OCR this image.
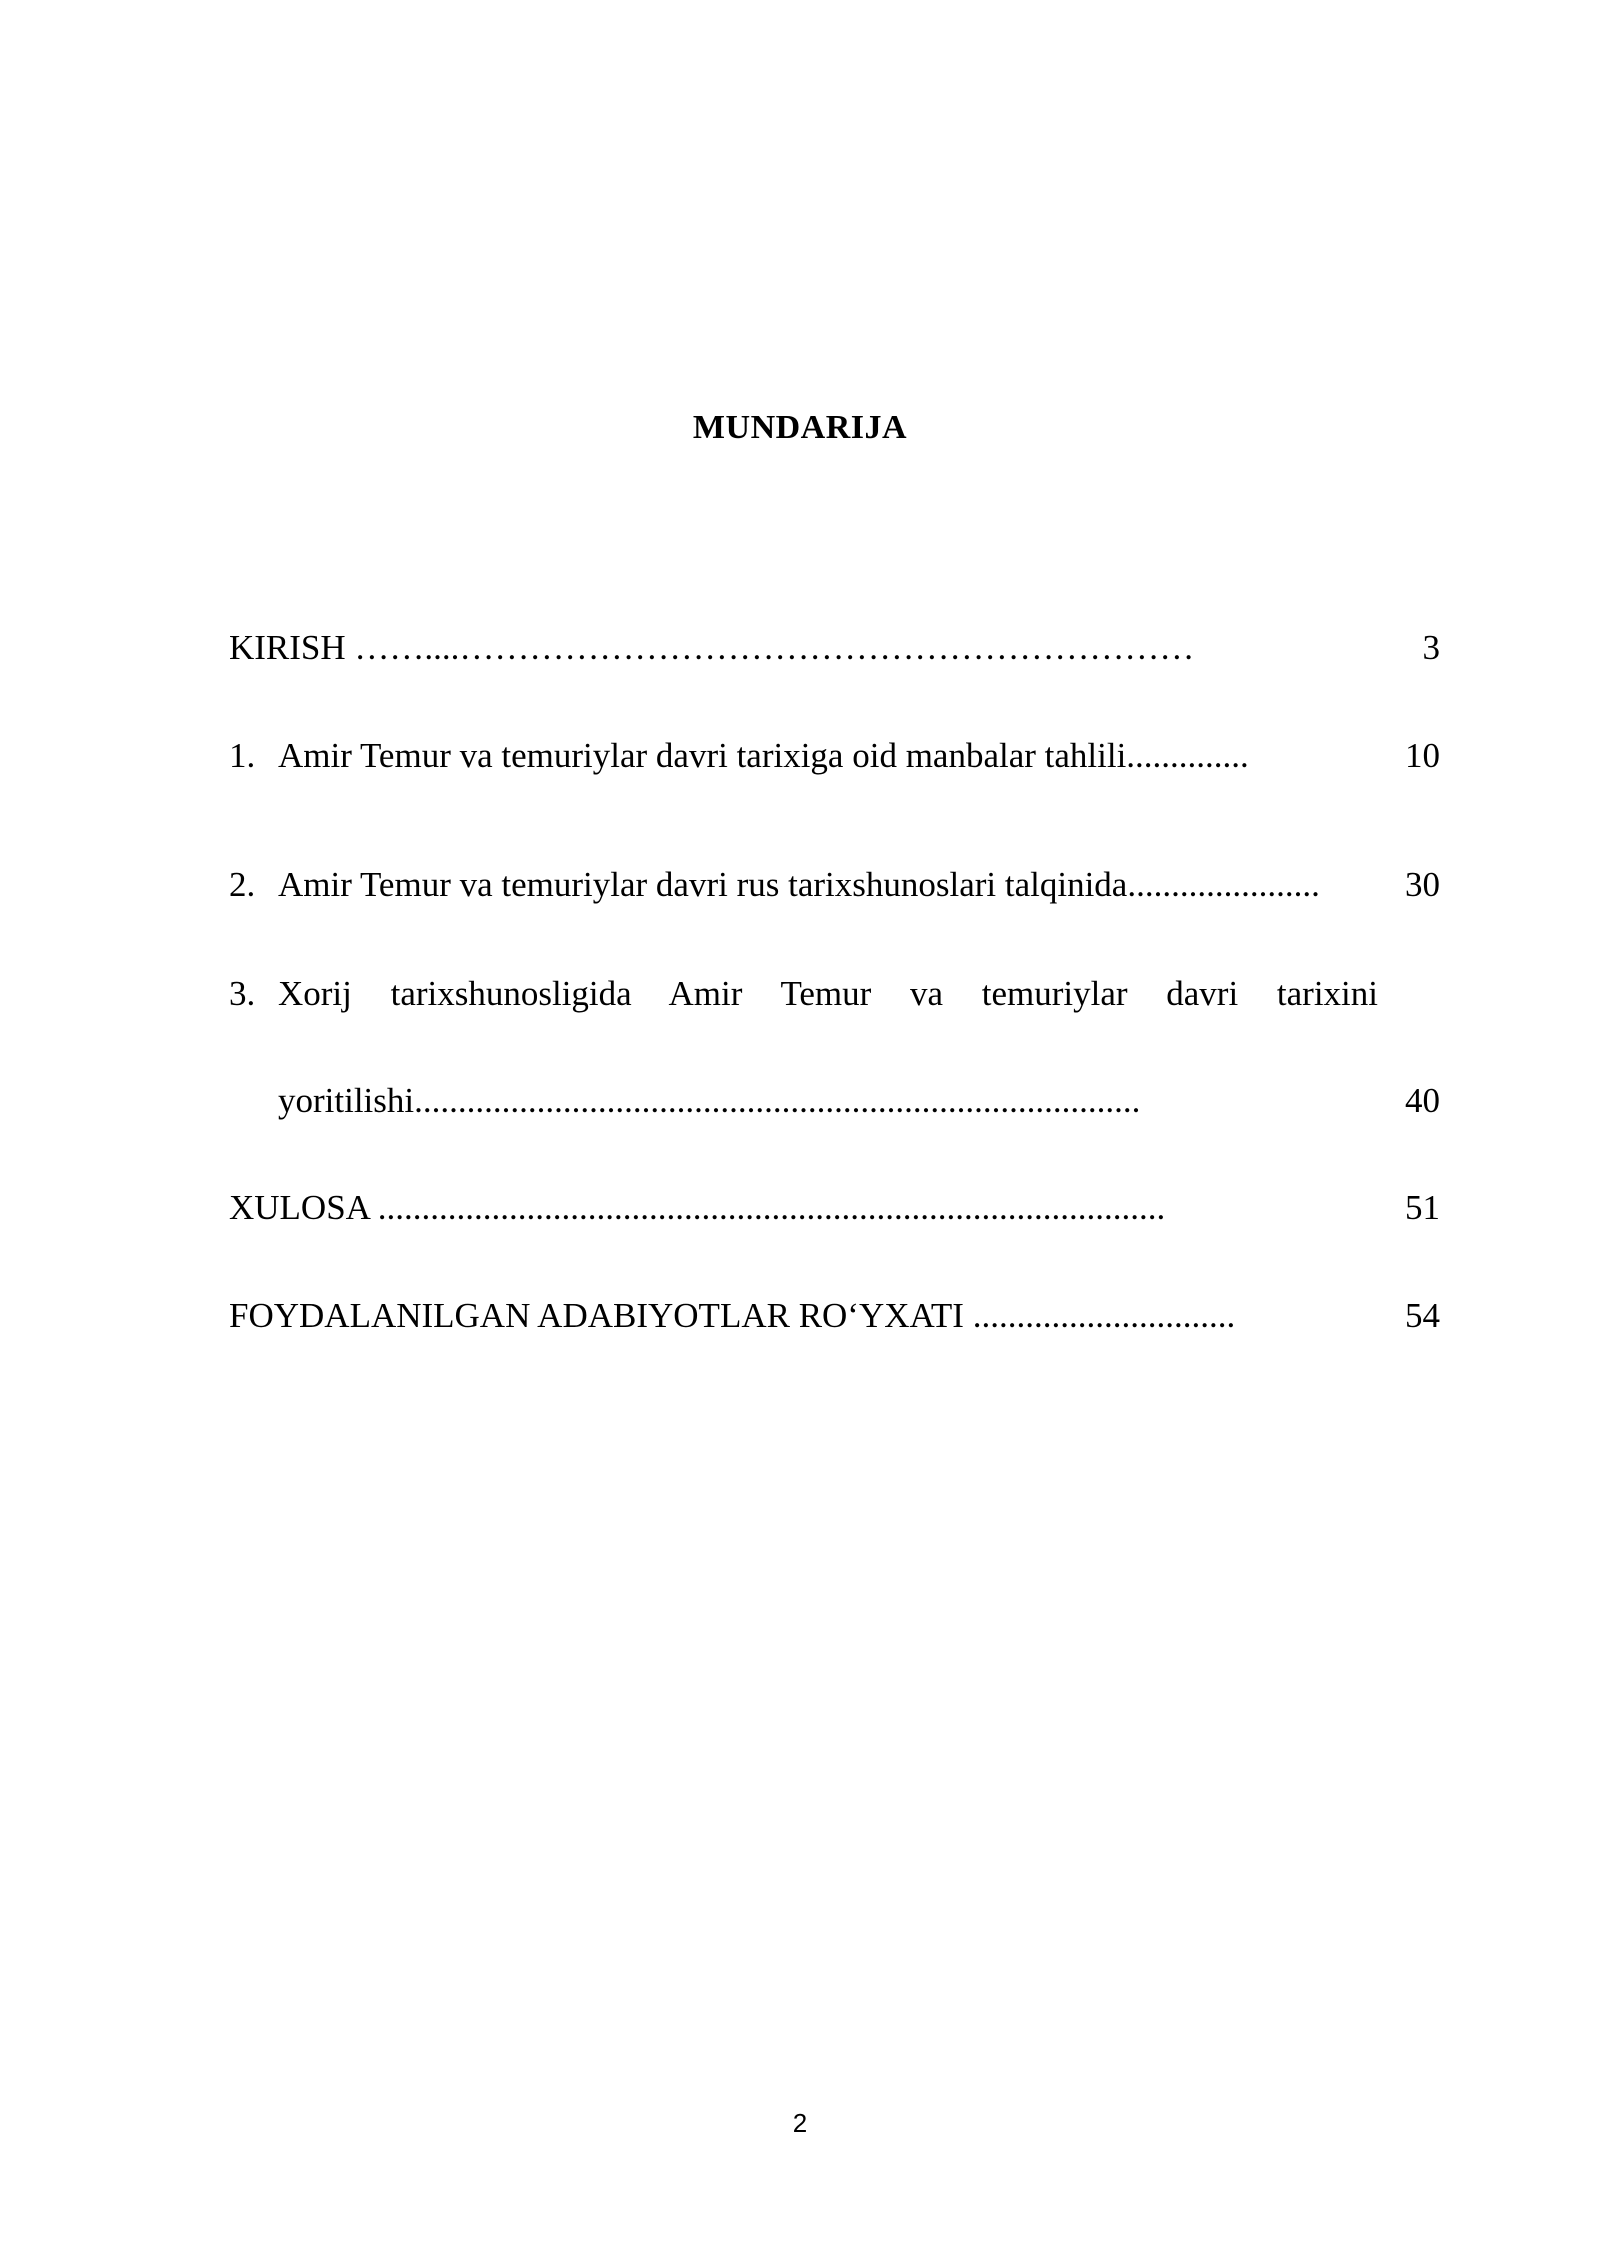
MUNDARIJA
KIRISH ……....………………………………………………………	3
1. Amir Temur va temuriylar davri tarixiga oid manbalar tahlili..............	10
2. Amir Temur va temuriylar davri rus tarixshunoslari talqinida......................	30
3. Xorij tarixshunosligida Amir Temur va temuriylar davri tarixini
yoritilishi...................................................................................	40
XULOSA ..........................................................................................	51
FOYDALANILGAN ADABIYOTLAR RO‘YXATI ..............................	54
2
